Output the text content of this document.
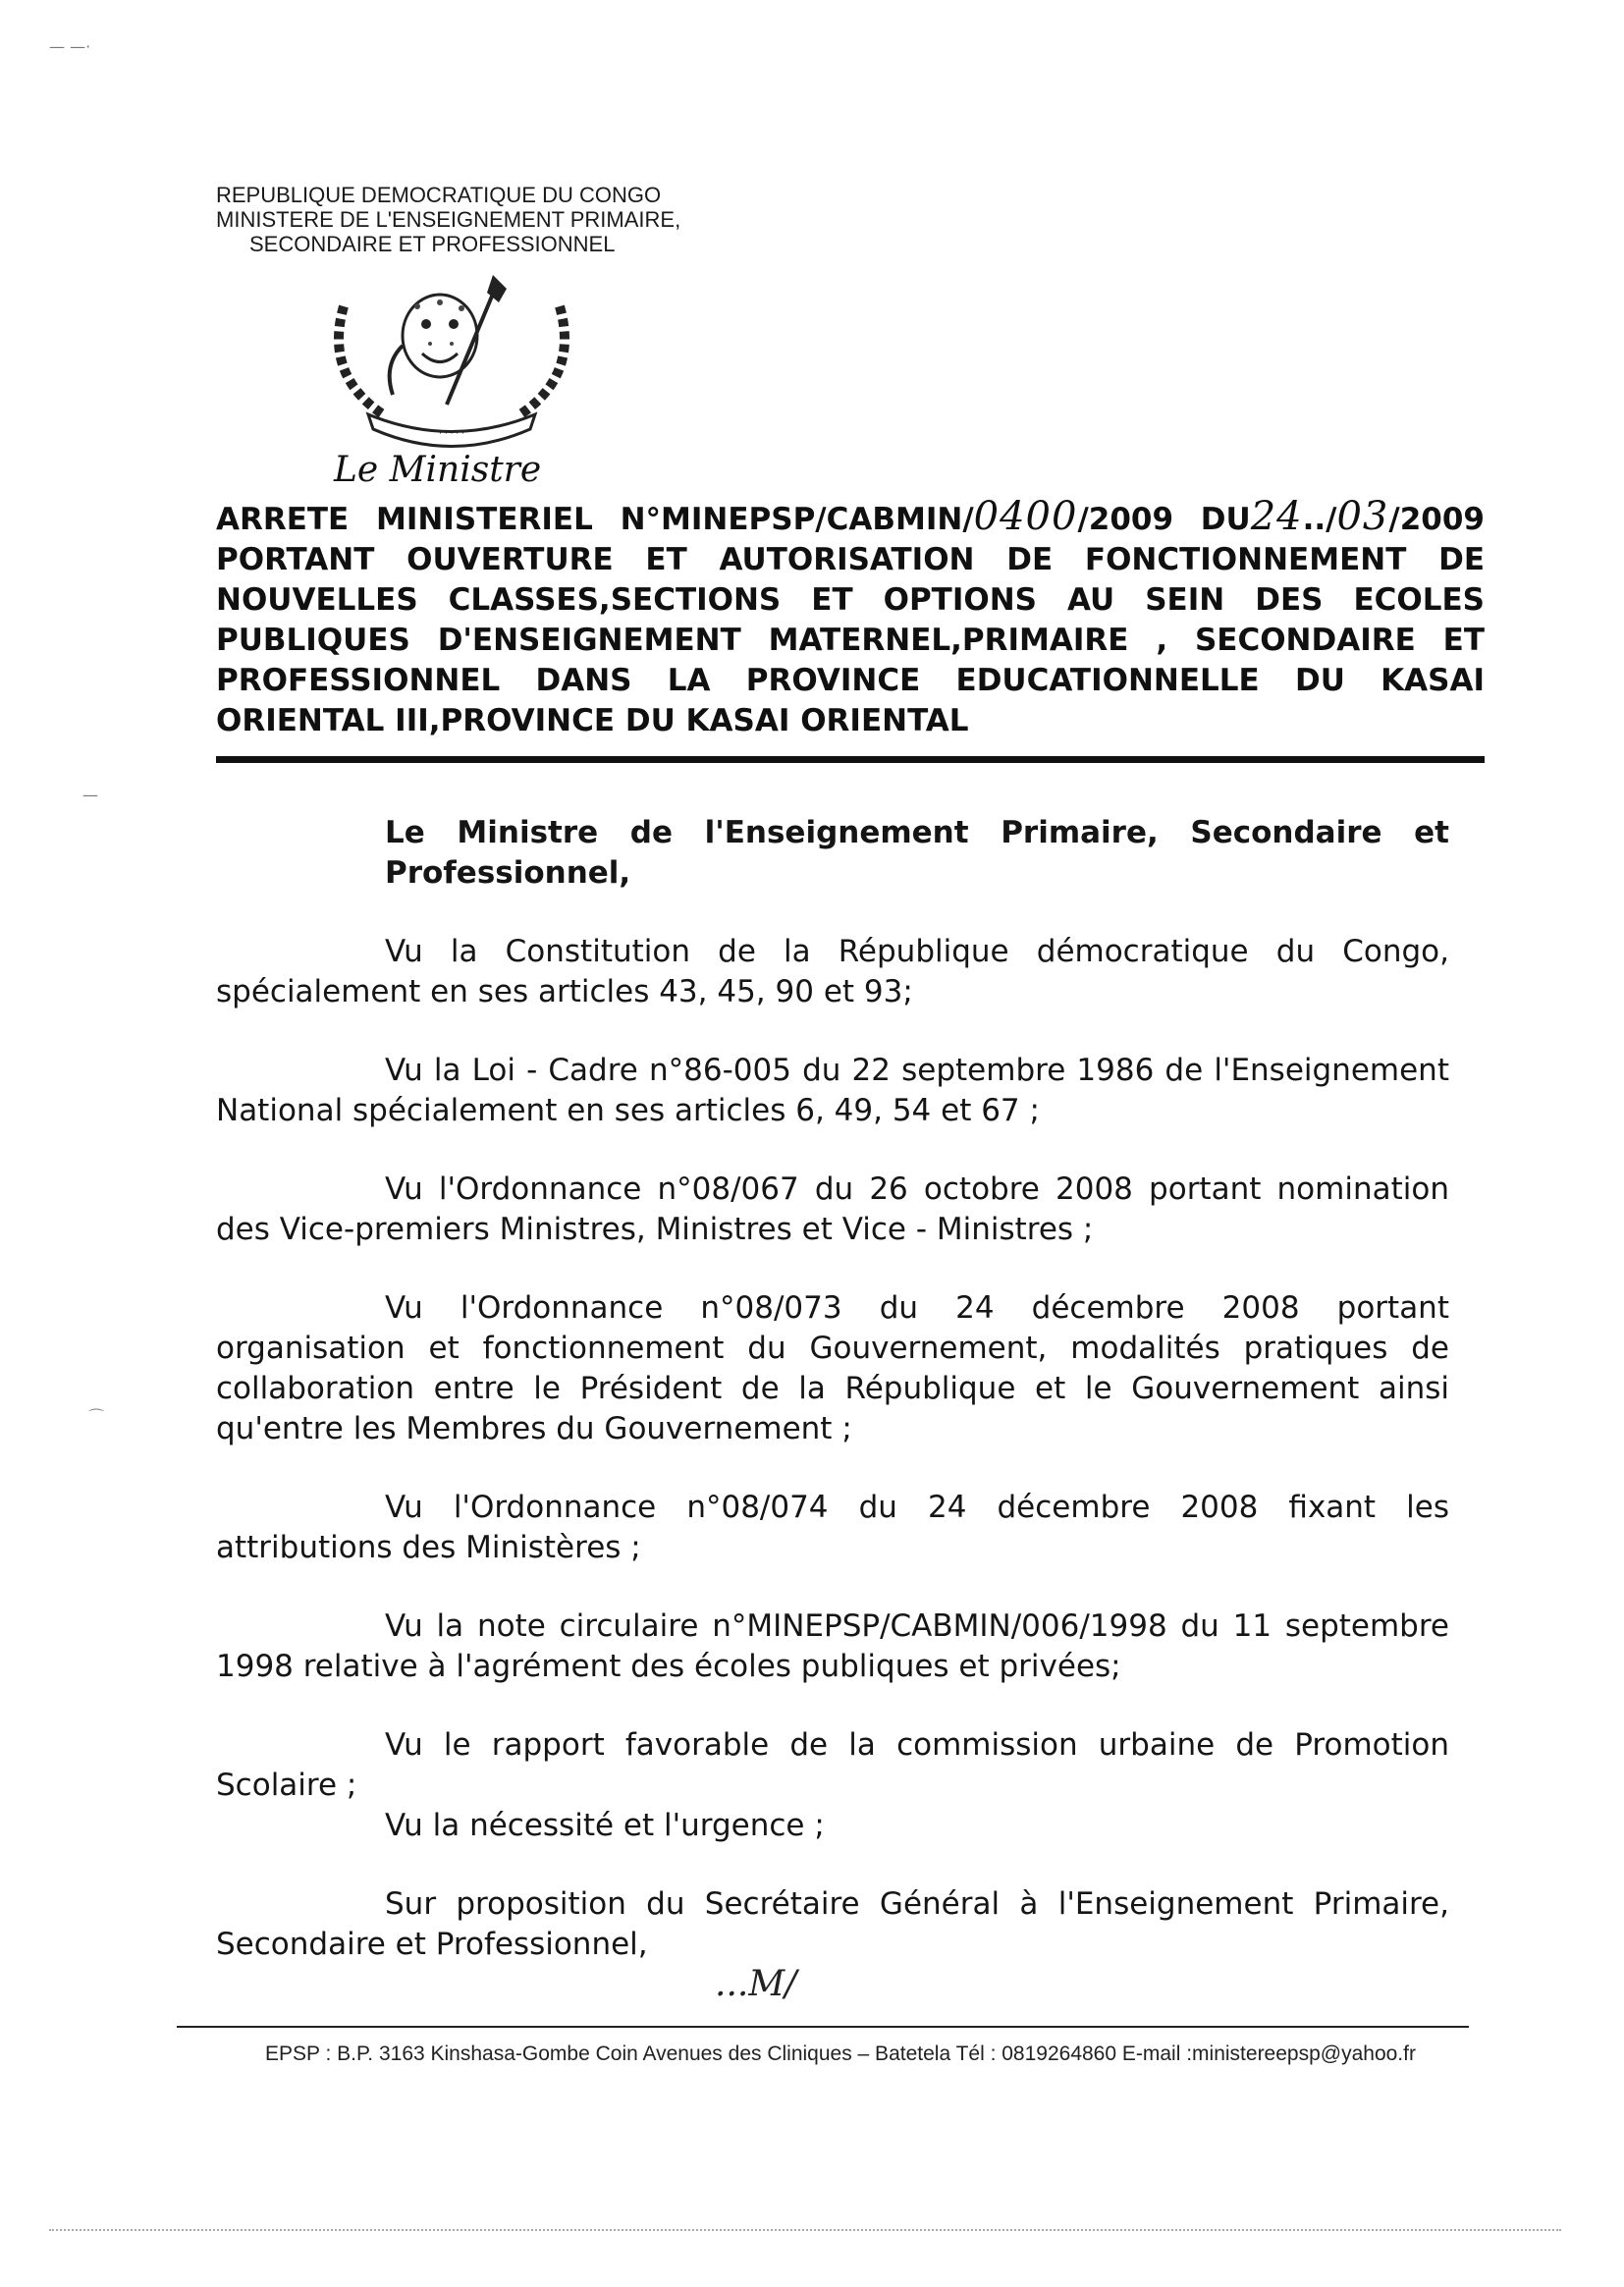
REPUBLIQUE DEMOCRATIQUE DU CONGO
MINISTERE DE L'ENSEIGNEMENT PRIMAIRE,
SECONDAIRE ET PROFESSIONNEL
· · · · ·
Le Ministre
ARRETE MINISTERIEL N°MINEPSP/CABMIN/0400/2009 DU24../03/2009
PORTANT OUVERTURE ET AUTORISATION DE FONCTIONNEMENT DE
NOUVELLES CLASSES,SECTIONS ET OPTIONS AU SEIN DES ECOLES
PUBLIQUES D'ENSEIGNEMENT MATERNEL,PRIMAIRE , SECONDAIRE ET
PROFESSIONNEL DANS LA PROVINCE EDUCATIONNELLE DU KASAI
ORIENTAL III,PROVINCE DU KASAI ORIENTAL
Le Ministre de l'Enseignement Primaire, Secondaire et Professionnel,
Vu la Constitution de la République démocratique du Congo, spécialement en ses articles 43, 45, 90 et 93;
Vu la Loi - Cadre n°86-005 du 22 septembre 1986 de l'Enseignement National spécialement en ses articles 6, 49, 54 et 67 ;
Vu l'Ordonnance n°08/067 du 26 octobre 2008 portant nomination des Vice-premiers Ministres, Ministres et Vice - Ministres ;
Vu l'Ordonnance n°08/073 du 24 décembre 2008 portant organisation et fonctionnement du Gouvernement, modalités pratiques de collaboration entre le Président de la République et le Gouvernement ainsi qu'entre les Membres du Gouvernement ;
Vu l'Ordonnance n°08/074 du 24 décembre 2008 fixant les attributions des Ministères ;
Vu la note circulaire n°MINEPSP/CABMIN/006/1998 du 11 septembre 1998 relative à l'agrément des écoles publiques et privées;
Vu le rapport favorable de la commission urbaine de Promotion Scolaire ;
Vu la nécessité et l'urgence ;
Sur proposition du Secrétaire Général à l'Enseignement Primaire, Secondaire et Professionnel,
...M/
EPSP : B.P. 3163 Kinshasa-Gombe Coin Avenues des Cliniques – Batetela Tél : 0819264860 E-mail :ministereepsp@yahoo.fr
— —·
—
⌒
